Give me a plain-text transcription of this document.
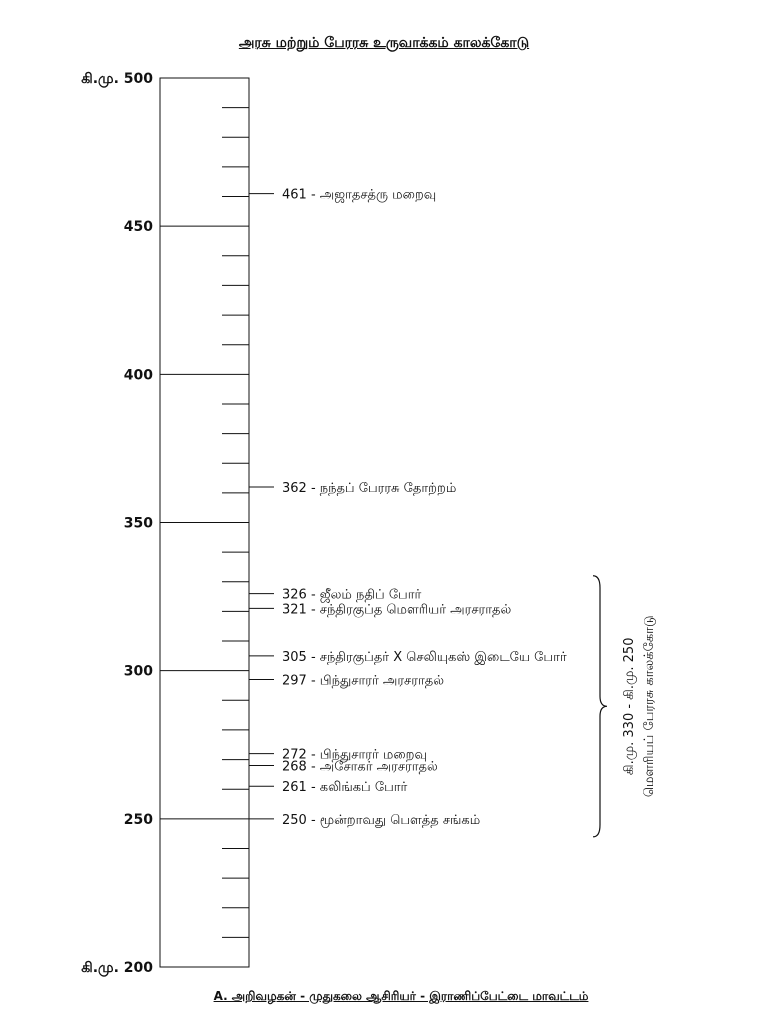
அரசு மற்றும் பேரரசு உருவாக்கம் காலக்கோடு
கி.மு. 500
450
400
350
300
250
கி.மு. 200
461 - அஜாதசத்ரு மறைவு
362 - நந்தப் பேரரசு தோற்றம்
326 - ஜீலம் நதிப் போர்
321 - சந்திரகுப்த மௌரியர் அரசராதல்
305 - சந்திரகுப்தர் X செலியுகஸ் இடையே போர்
297 - பிந்துசாரர் அரசராதல்
272 - பிந்துசாரர் மறைவு
268 - அசோகர் அரசராதல்
261 - கலிங்கப் போர்
250 - மூன்றாவது பௌத்த சங்கம்
கி.மு. 330 - கி.மு. 250 மௌரியப் பேரரசு காலக்கோடு
A. அறிவழகன் - முதுகலை ஆசிரியர் - இராணிப்பேட்டை மாவட்டம்
